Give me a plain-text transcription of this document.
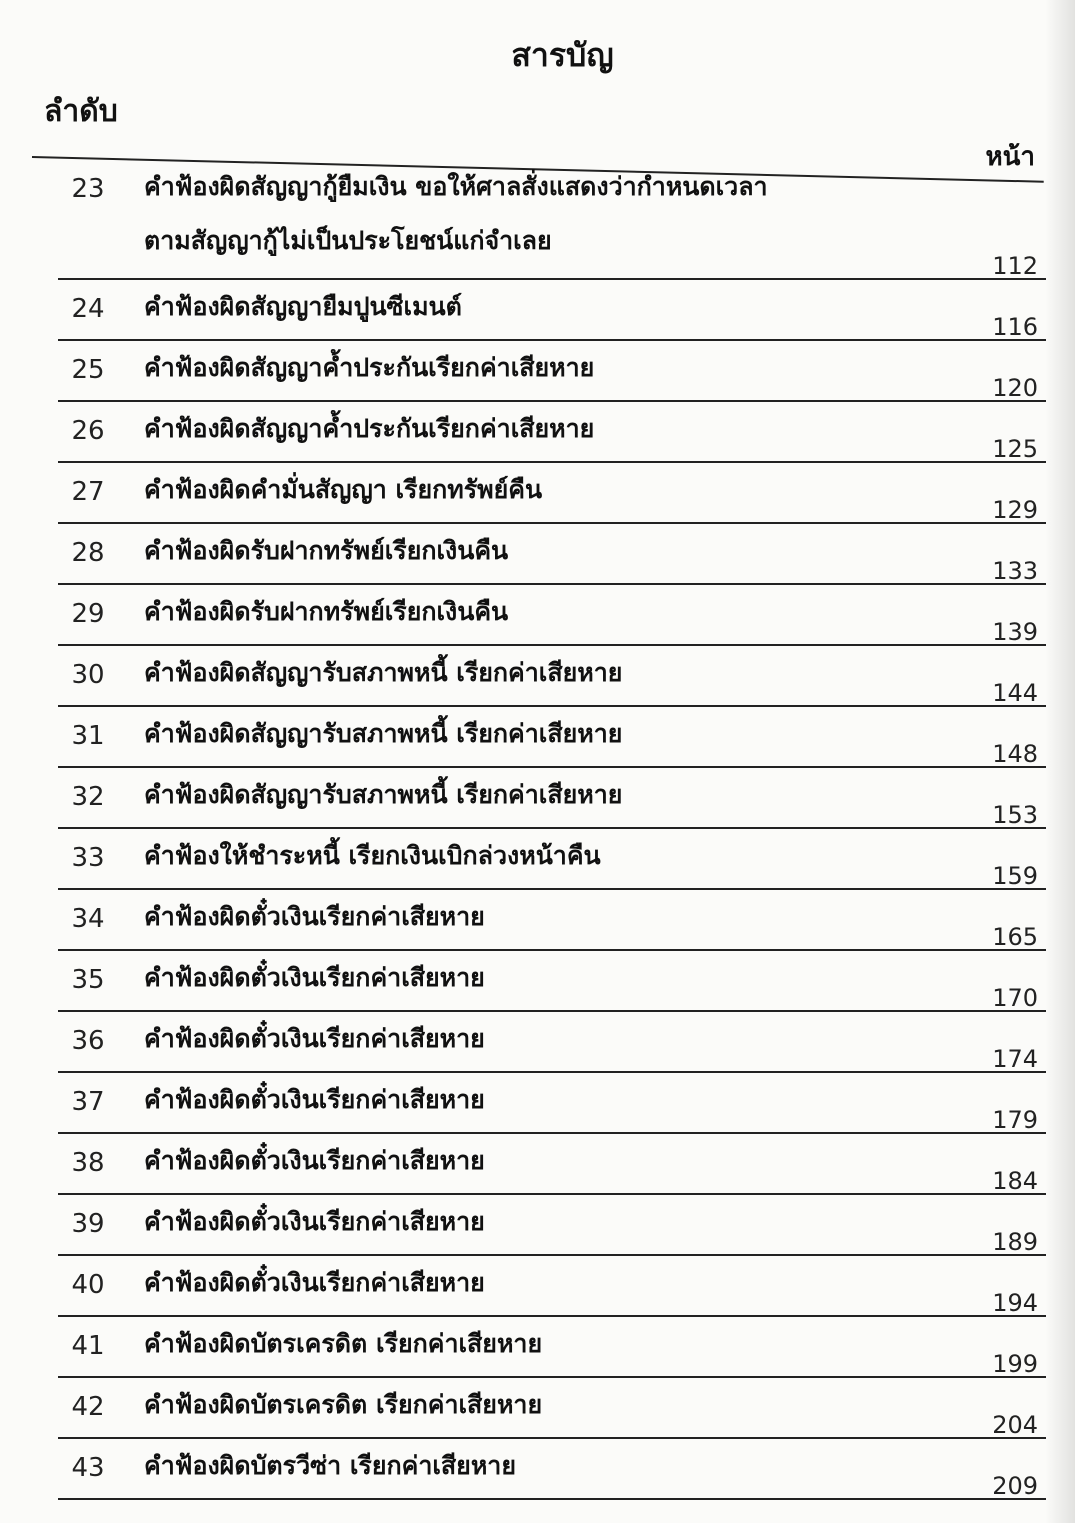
สารบัญ
ลำดับ
หน้า
23	คำฟ้องผิดสัญญากู้ยืมเงิน ขอให้ศาลสั่งแสดงว่ากำหนดเวลา
ตามสัญญากู้ไม่เป็นประโยชน์แก่จำเลย
112
24	คำฟ้องผิดสัญญายืมปูนซีเมนต์
116
25	คำฟ้องผิดสัญญาค้ำประกันเรียกค่าเสียหาย
120
26	คำฟ้องผิดสัญญาค้ำประกันเรียกค่าเสียหาย
125
27	คำฟ้องผิดคำมั่นสัญญา เรียกทรัพย์คืน
129
28	คำฟ้องผิดรับฝากทรัพย์เรียกเงินคืน
133
29	คำฟ้องผิดรับฝากทรัพย์เรียกเงินคืน
139
30	คำฟ้องผิดสัญญารับสภาพหนี้ เรียกค่าเสียหาย
144
31	คำฟ้องผิดสัญญารับสภาพหนี้ เรียกค่าเสียหาย
148
32	คำฟ้องผิดสัญญารับสภาพหนี้ เรียกค่าเสียหาย
153
33	คำฟ้องให้ชำระหนี้ เรียกเงินเบิกล่วงหน้าคืน
159
34	คำฟ้องผิดตั๋วเงินเรียกค่าเสียหาย
165
35	คำฟ้องผิดตั๋วเงินเรียกค่าเสียหาย
170
36	คำฟ้องผิดตั๋วเงินเรียกค่าเสียหาย
174
37	คำฟ้องผิดตั๋วเงินเรียกค่าเสียหาย
179
38	คำฟ้องผิดตั๋วเงินเรียกค่าเสียหาย
184
39	คำฟ้องผิดตั๋วเงินเรียกค่าเสียหาย
189
40	คำฟ้องผิดตั๋วเงินเรียกค่าเสียหาย
194
41	คำฟ้องผิดบัตรเครดิต เรียกค่าเสียหาย
199
42	คำฟ้องผิดบัตรเครดิต เรียกค่าเสียหาย
204
43	คำฟ้องผิดบัตรวีซ่า เรียกค่าเสียหาย
209
